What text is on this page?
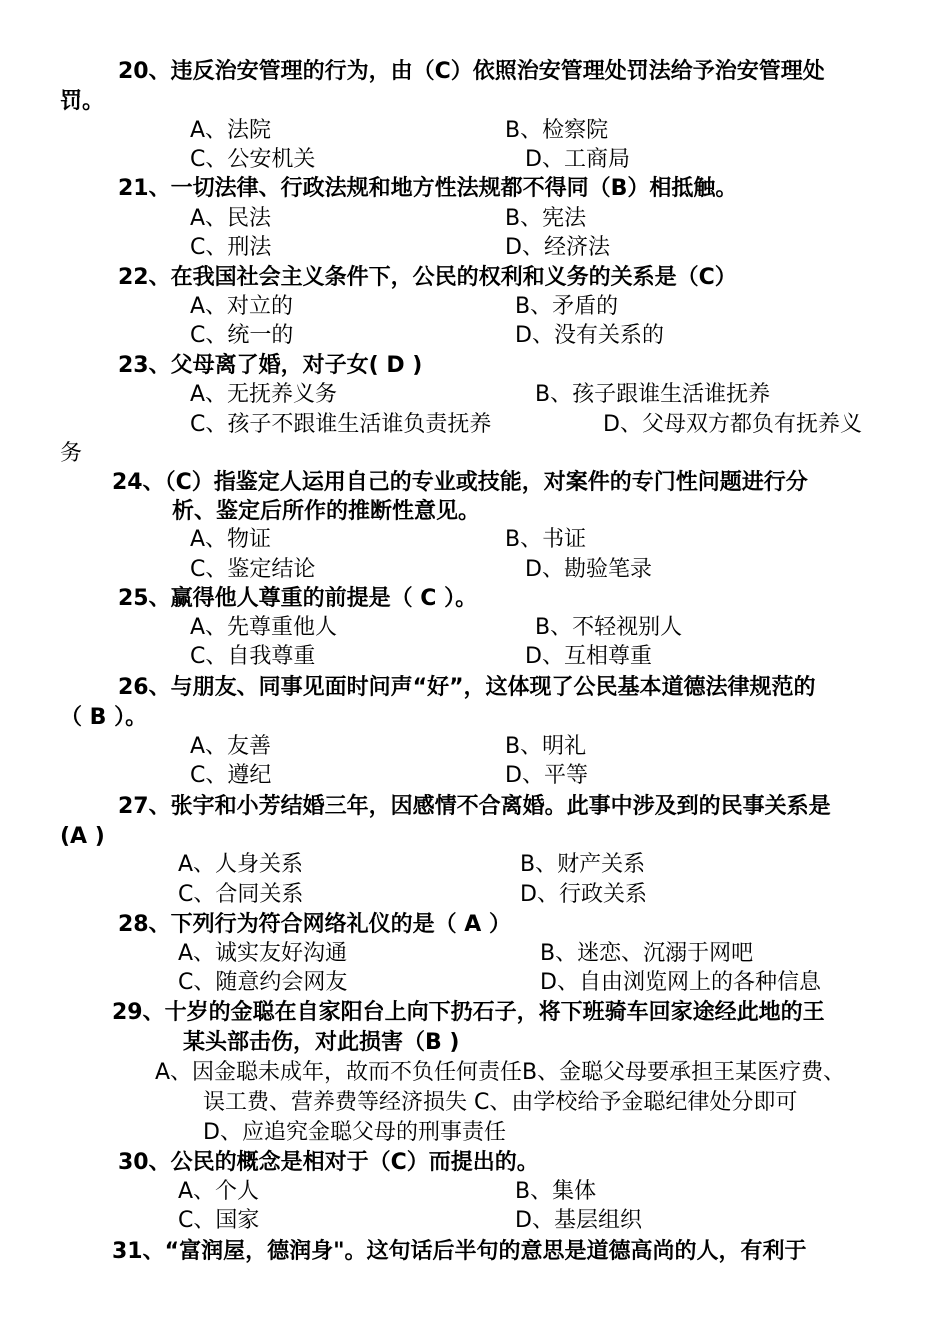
20、违反治安管理的行为，由（C）依照治安管理处罚法给予治安管理处
罚。
A、法院	B、检察院
C、公安机关	D、工商局
21、一切法律、行政法规和地方性法规都不得同（B）相抵触。
A、民法	B、宪法
C、刑法	D、经济法
22、在我国社会主义条件下，公民的权利和义务的关系是（C）
A、对立的	B、矛盾的
C、统一的	D、没有关系的
23、父母离了婚，对子女( D )
A、无抚养义务	B、孩子跟谁生活谁抚养
C、孩子不跟谁生活谁负责抚养	D、父母双方都负有抚养义
务
24、（C）指鉴定人运用自己的专业或技能，对案件的专门性问题进行分
析、鉴定后所作的推断性意见。
A、物证	B、书证
C、鉴定结论	D、勘验笔录
25、赢得他人尊重的前提是（ C ）。
A、先尊重他人	B、不轻视别人
C、自我尊重	D、互相尊重
26、与朋友、同事见面时问声“好”，这体现了公民基本道德法律规范的
（ B ）。
A、友善	B、明礼
C、遵纪	D、平等
27、张宇和小芳结婚三年，因感情不合离婚。此事中涉及到的民事关系是
(A )
A、人身关系	B、财产关系
C、合同关系	D、行政关系
28、下列行为符合网络礼仪的是（ A ）
A、诚实友好沟通	B、迷恋、沉溺于网吧
C、随意约会网友	D、自由浏览网上的各种信息
29、十岁的金聪在自家阳台上向下扔石子，将下班骑车回家途经此地的王
某头部击伤，对此损害（B )
A、因金聪未成年，故而不负任何责任B、金聪父母要承担王某医疗费、
误工费、营养费等经济损失 C、由学校给予金聪纪律处分即可
D、应追究金聪父母的刑事责任
30、公民的概念是相对于（C）而提出的。
A、个人	B、集体
C、国家	D、基层组织
31、“富润屋，德润身"。这句话后半句的意思是道德高尚的人，有利于
